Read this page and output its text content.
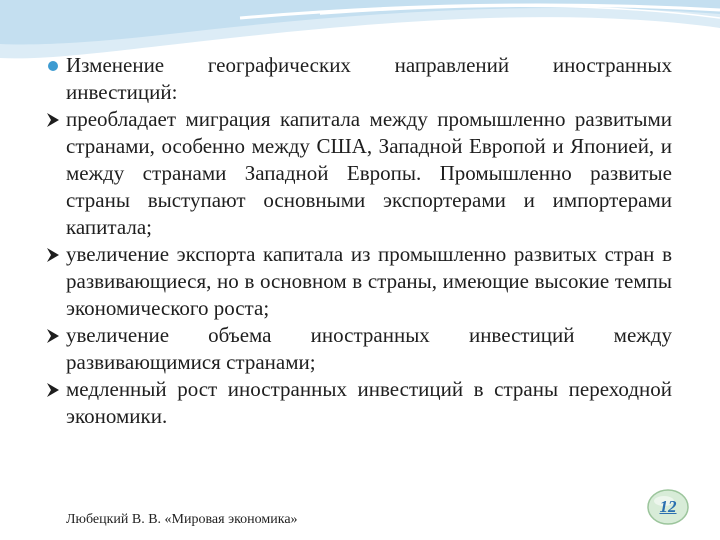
Изменение географических направлений иностранных инвестиций:
преобладает миграция капитала между промышленно развитыми странами, особенно между США, Западной Европой и Японией, и между странами Западной Европы. Промышленно развитые страны выступают основными экспортерами и импортерами капитала;
увеличение экспорта капитала из промышленно развитых стран в развивающиеся, но в основном в страны, имеющие высокие темпы экономического роста;
увеличение объема иностранных инвестиций между развивающимися странами;
медленный рост иностранных инвестиций в страны переходной экономики.
Любецкий В. В. «Мировая экономика»
12
